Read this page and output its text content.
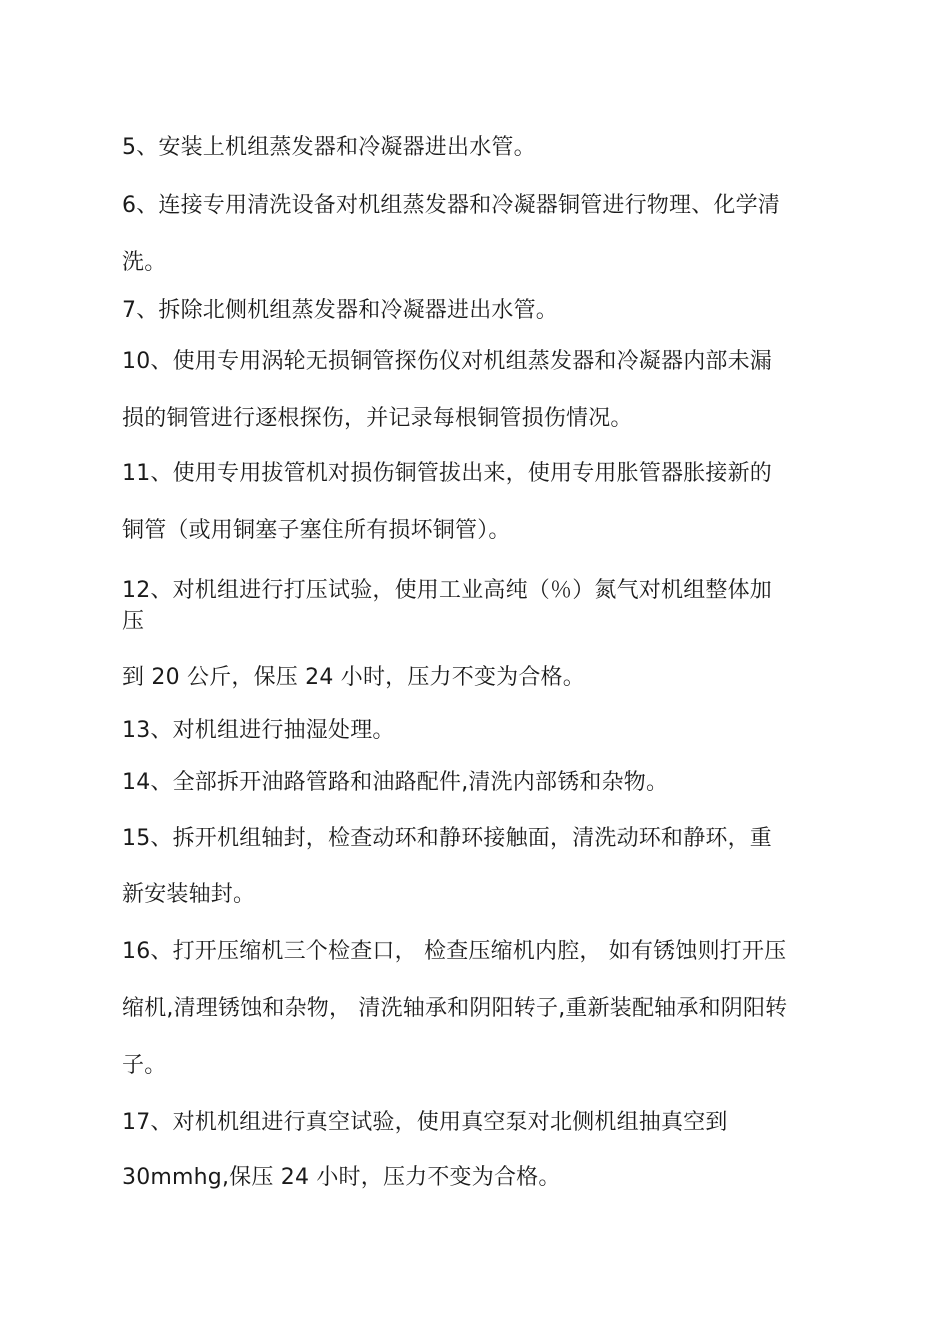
5、安装上机组蒸发器和冷凝器进出水管。
6、连接专用清洗设备对机组蒸发器和冷凝器铜管进行物理、化学清
洗。
7、拆除北侧机组蒸发器和冷凝器进出水管。
10、使用专用涡轮无损铜管探伤仪对机组蒸发器和冷凝器内部未漏
损的铜管进行逐根探伤，并记录每根铜管损伤情况。
11、使用专用拔管机对损伤铜管拔出来，使用专用胀管器胀接新的
铜管（或用铜塞子塞住所有损坏铜管）。
12、对机组进行打压试验，使用工业高纯（％）氮气对机组整体加
压
到 20 公斤，保压 24 小时，压力不变为合格。
13、对机组进行抽湿处理。
14、全部拆开油路管路和油路配件,清洗内部锈和杂物。
15、拆开机组轴封，检查动环和静环接触面，清洗动环和静环，重
新安装轴封。
16、打开压缩机三个检查口， 检查压缩机内腔， 如有锈蚀则打开压
缩机,清理锈蚀和杂物， 清洗轴承和阴阳转子,重新装配轴承和阴阳转
子。
17、对机机组进行真空试验，使用真空泵对北侧机组抽真空到
30mmhg,保压 24 小时，压力不变为合格。
